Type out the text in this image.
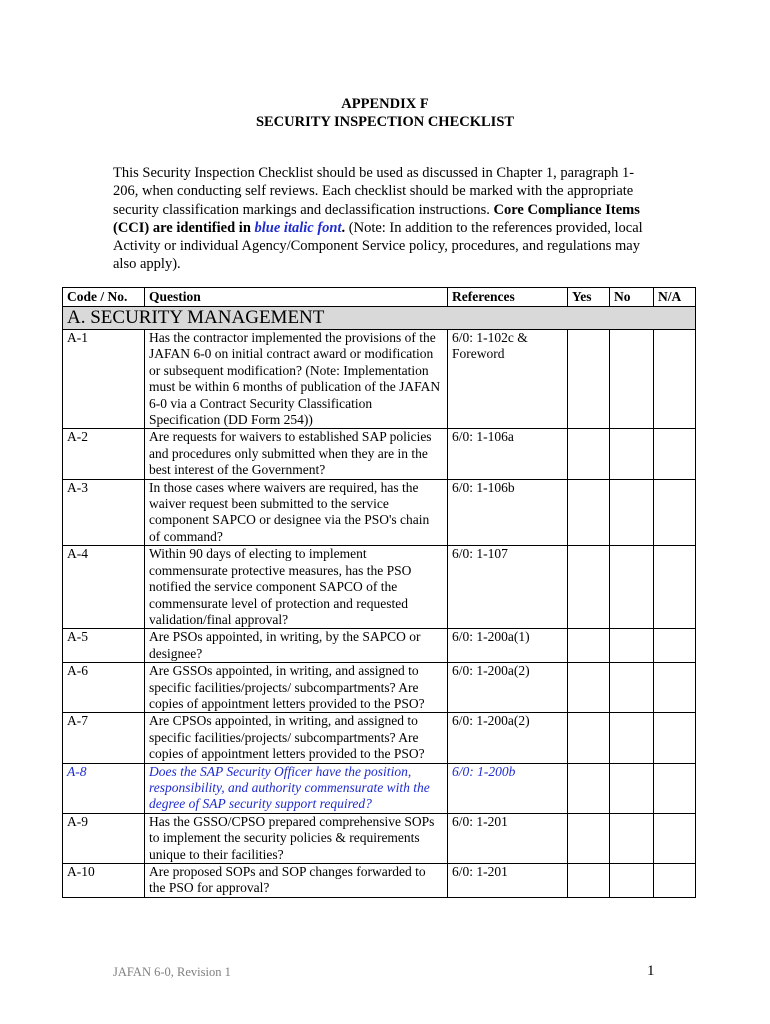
APPENDIX F
SECURITY INSPECTION CHECKLIST
This Security Inspection Checklist should be used as discussed in Chapter 1, paragraph 1-206, when conducting self reviews. Each checklist should be marked with the appropriate security classification markings and declassification instructions. Core Compliance Items (CCI) are identified in blue italic font. (Note: In addition to the references provided, local Activity or individual Agency/Component Service policy, procedures, and regulations may also apply).
Code / No.	Question	References	Yes	No	N/A
A. SECURITY MANAGEMENT					
A-1	Has the contractor implemented the provisions of the JAFAN 6-0 on initial contract award or modification or subsequent modification? (Note: Implementation must be within 6 months of publication of the JAFAN 6-0 via a Contract Security Classification Specification (DD Form 254))	6/0: 1-102c & Foreword			
A-2	Are requests for waivers to established SAP policies and procedures only submitted when they are in the best interest of the Government?	6/0: 1-106a			
A-3	In those cases where waivers are required, has the waiver request been submitted to the service component SAPCO or designee via the PSO's chain of command?	6/0: 1-106b			
A-4	Within 90 days of electing to implement commensurate protective measures, has the PSO notified the service component SAPCO of the commensurate level of protection and requested validation/final approval?	6/0: 1-107			
A-5	Are PSOs appointed, in writing, by the SAPCO or designee?	6/0: 1-200a(1)			
A-6	Are GSSOs appointed, in writing, and assigned to specific facilities/projects/ subcompartments? Are copies of appointment letters provided to the PSO?	6/0: 1-200a(2)			
A-7	Are CPSOs appointed, in writing, and assigned to specific facilities/projects/ subcompartments? Are copies of appointment letters provided to the PSO?	6/0: 1-200a(2)			
A-8	Does the SAP Security Officer have the position, responsibility, and authority commensurate with the degree of SAP security support required?	6/0: 1-200b			
A-9	Has the GSSO/CPSO prepared comprehensive SOPs to implement the security policies & requirements unique to their facilities?	6/0: 1-201			
A-10	Are proposed SOPs and SOP changes forwarded to the PSO for approval?	6/0: 1-201			
JAFAN 6-0, Revision 1	1
